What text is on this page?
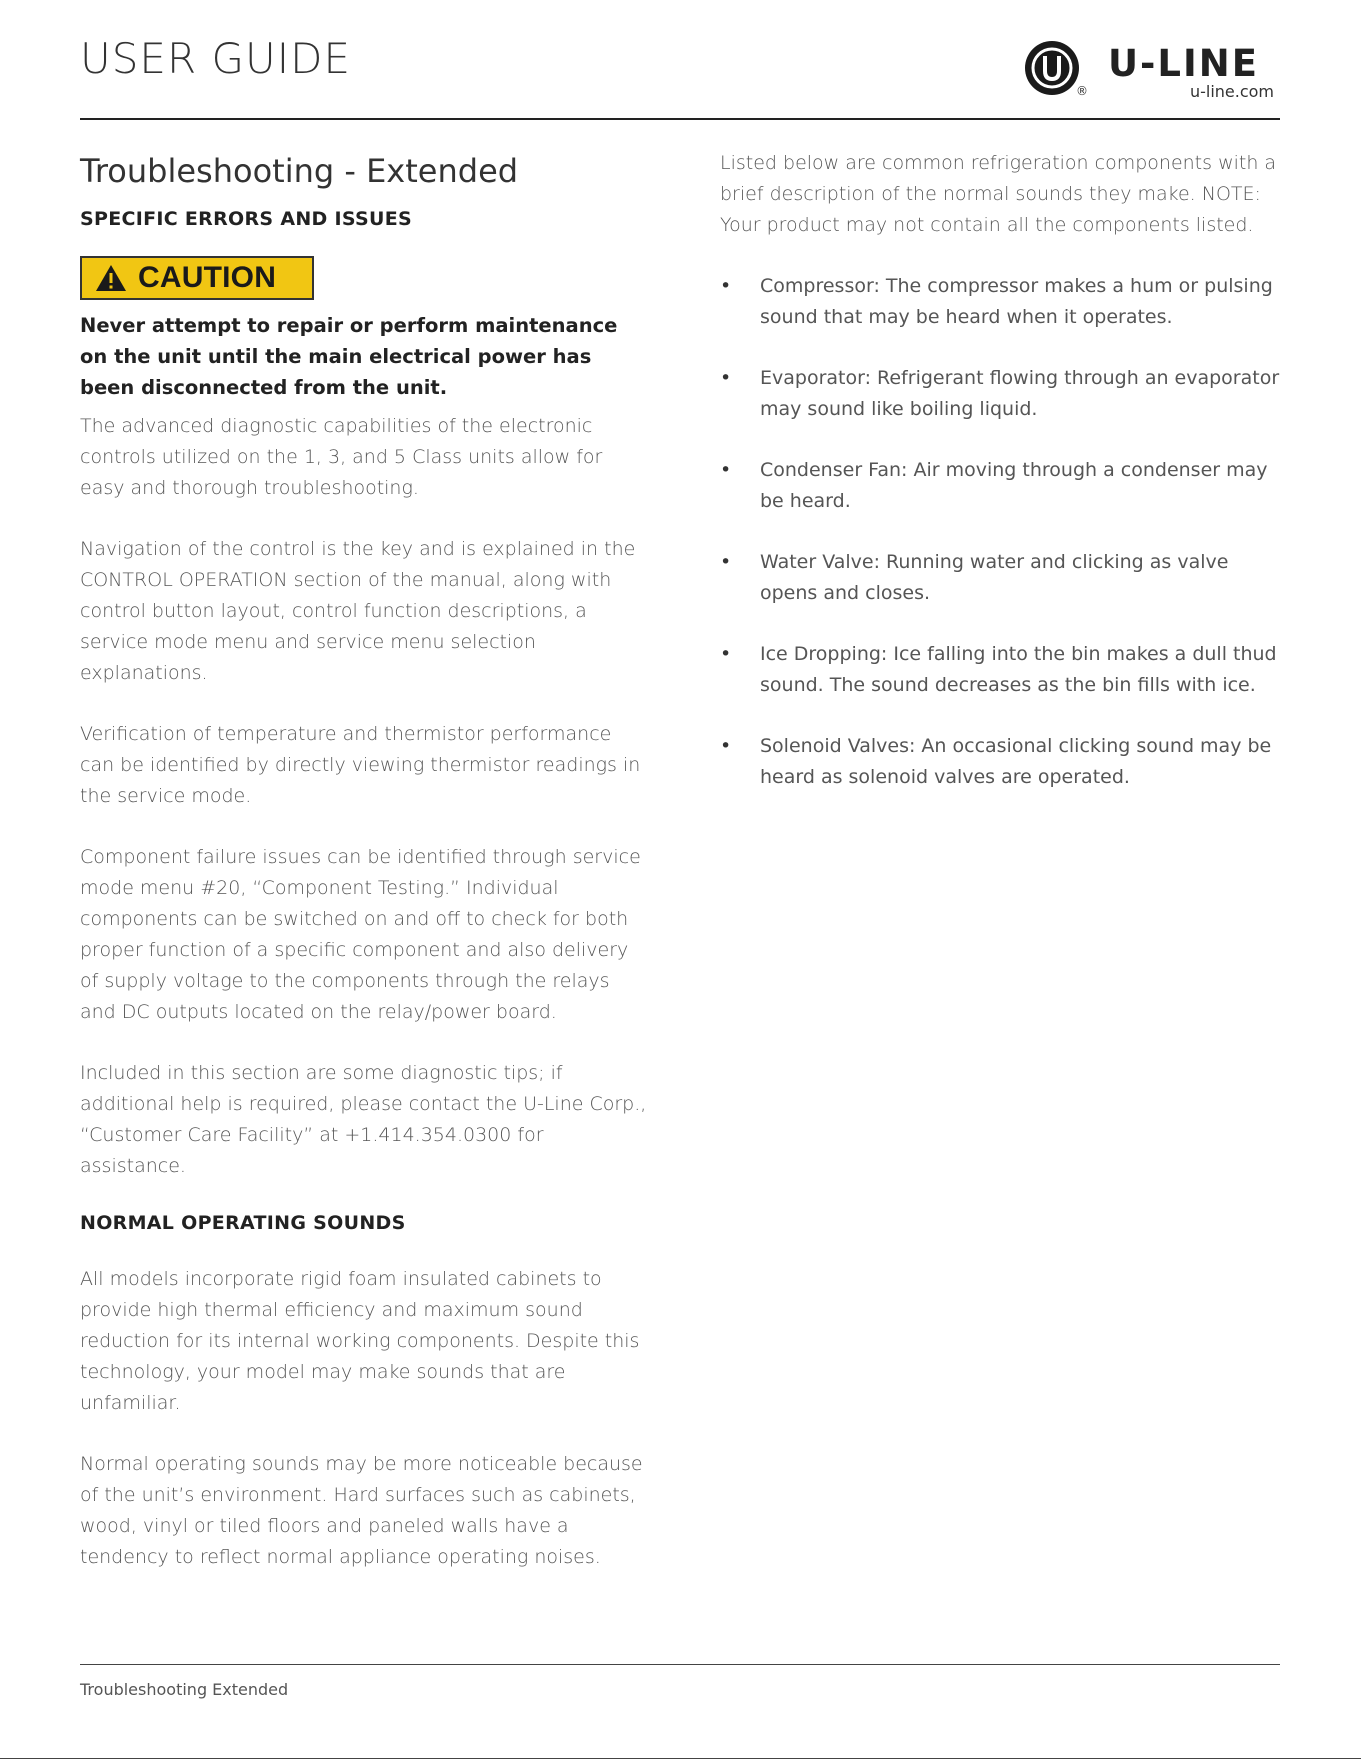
USER GUIDE
®
U-LINE
u-line.com
Troubleshooting - Extended
SPECIFIC ERRORS AND ISSUES
CAUTION

Never attempt to repair or perform maintenance on the unit until the main electrical power has been disconnected from the unit.

The advanced diagnostic capabilities of the electronic controls utilized on the 1, 3, and 5 Class units allow for easy and thorough troubleshooting.

Navigation of the control is the key and is explained in the CONTROL OPERATION section of the manual, along with control button layout, control function descriptions, a service mode menu and service menu selection explanations.

Verification of temperature and thermistor performance can be identified by directly viewing thermistor readings in the service mode.

Component failure issues can be identified through service mode menu #20, “Component Testing.” Individual components can be switched on and off to check for both proper function of a specific component and also delivery of supply voltage to the components through the relays and DC outputs located on the relay/power board.

Included in this section are some diagnostic tips; if additional help is required, please contact the U-Line Corp., “Customer Care Facility” at +1.414.354.0300 for assistance.

NORMAL OPERATING SOUNDS

All models incorporate rigid foam insulated cabinets to provide high thermal efficiency and maximum sound reduction for its internal working components. Despite this technology, your model may make sounds that are unfamiliar.

Normal operating sounds may be more noticeable because of the unit’s environment. Hard surfaces such as cabinets, wood, vinyl or tiled floors and paneled walls have a tendency to reflect normal appliance operating noises.

Listed below are common refrigeration components with a brief description of the normal sounds they make. NOTE: Your product may not contain all the components listed.

• Compressor: The compressor makes a hum or pulsing sound that may be heard when it operates.
• Evaporator: Refrigerant flowing through an evaporator may sound like boiling liquid.
• Condenser Fan: Air moving through a condenser may be heard.
• Water Valve: Running water and clicking as valve opens and closes.
• Ice Dropping: Ice falling into the bin makes a dull thud sound. The sound decreases as the bin fills with ice.
• Solenoid Valves: An occasional clicking sound may be heard as solenoid valves are operated.
Troubleshooting Extended
